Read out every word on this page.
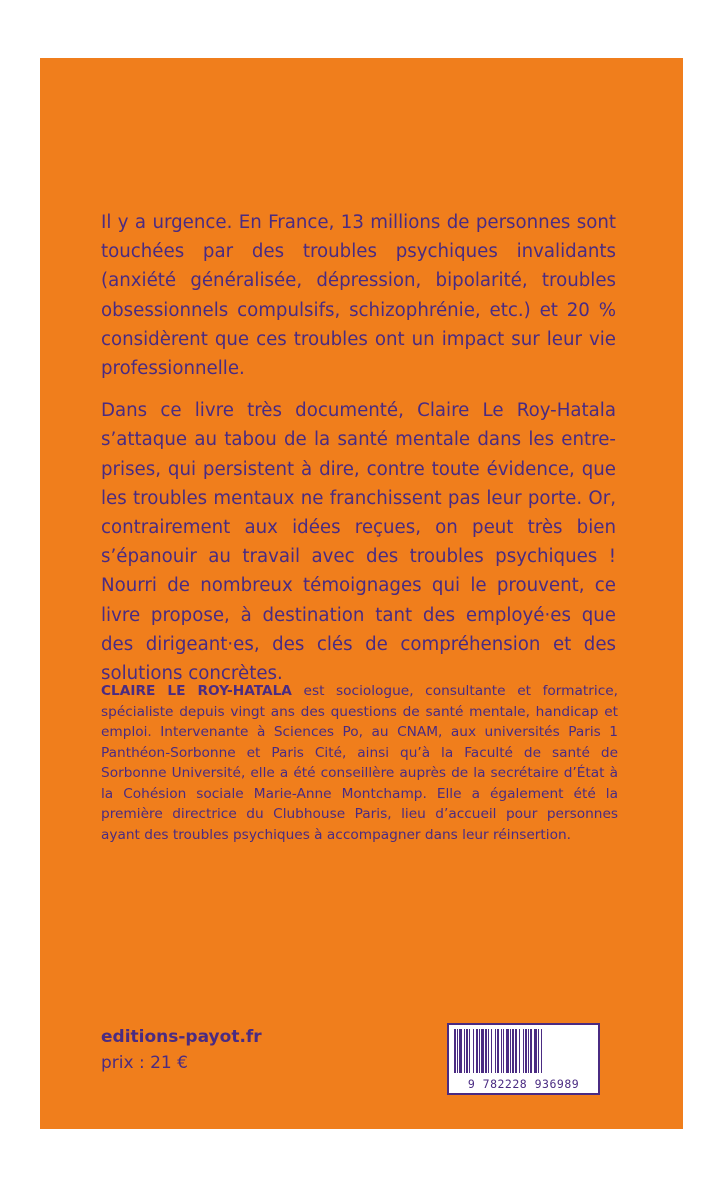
Il y a urgence. En France, 13 millions de personnes sont touchées par des troubles psychiques invalidants (anxiété généralisée, dépression, bipolarité, troubles obsessionnels compulsifs, schizophrénie, etc.) et 20 % considèrent que ces troubles ont un impact sur leur vie professionnelle.

Dans ce livre très documenté, Claire Le Roy-Hatala s’attaque au tabou de la santé mentale dans les entre-prises, qui persistent à dire, contre toute évidence, que les troubles mentaux ne franchissent pas leur porte. Or, contrairement aux idées reçues, on peut très bien s’épanouir au travail avec des troubles psychiques ! Nourri de nombreux témoignages qui le prouvent, ce livre propose, à destination tant des employé·es que des dirigeant·es, des clés de compréhension et des solutions concrètes.

CLAIRE LE ROY-HATALA est sociologue, consultante et formatrice, spécialiste depuis vingt ans des questions de santé mentale, handicap et emploi. Intervenante à Sciences Po, au CNAM, aux universités Paris 1 Panthéon-Sorbonne et Paris Cité, ainsi qu’à la Faculté de santé de Sorbonne Université, elle a été conseillère auprès de la secrétaire d’État à la Cohésion sociale Marie-Anne Montchamp. Elle a également été la première directrice du Clubhouse Paris, lieu d’accueil pour personnes ayant des troubles psychiques à accompagner dans leur réinsertion.
editions-payot.fr
prix : 21 €
9 782228 936989	Conception graphique : Claire Morel Fatio
